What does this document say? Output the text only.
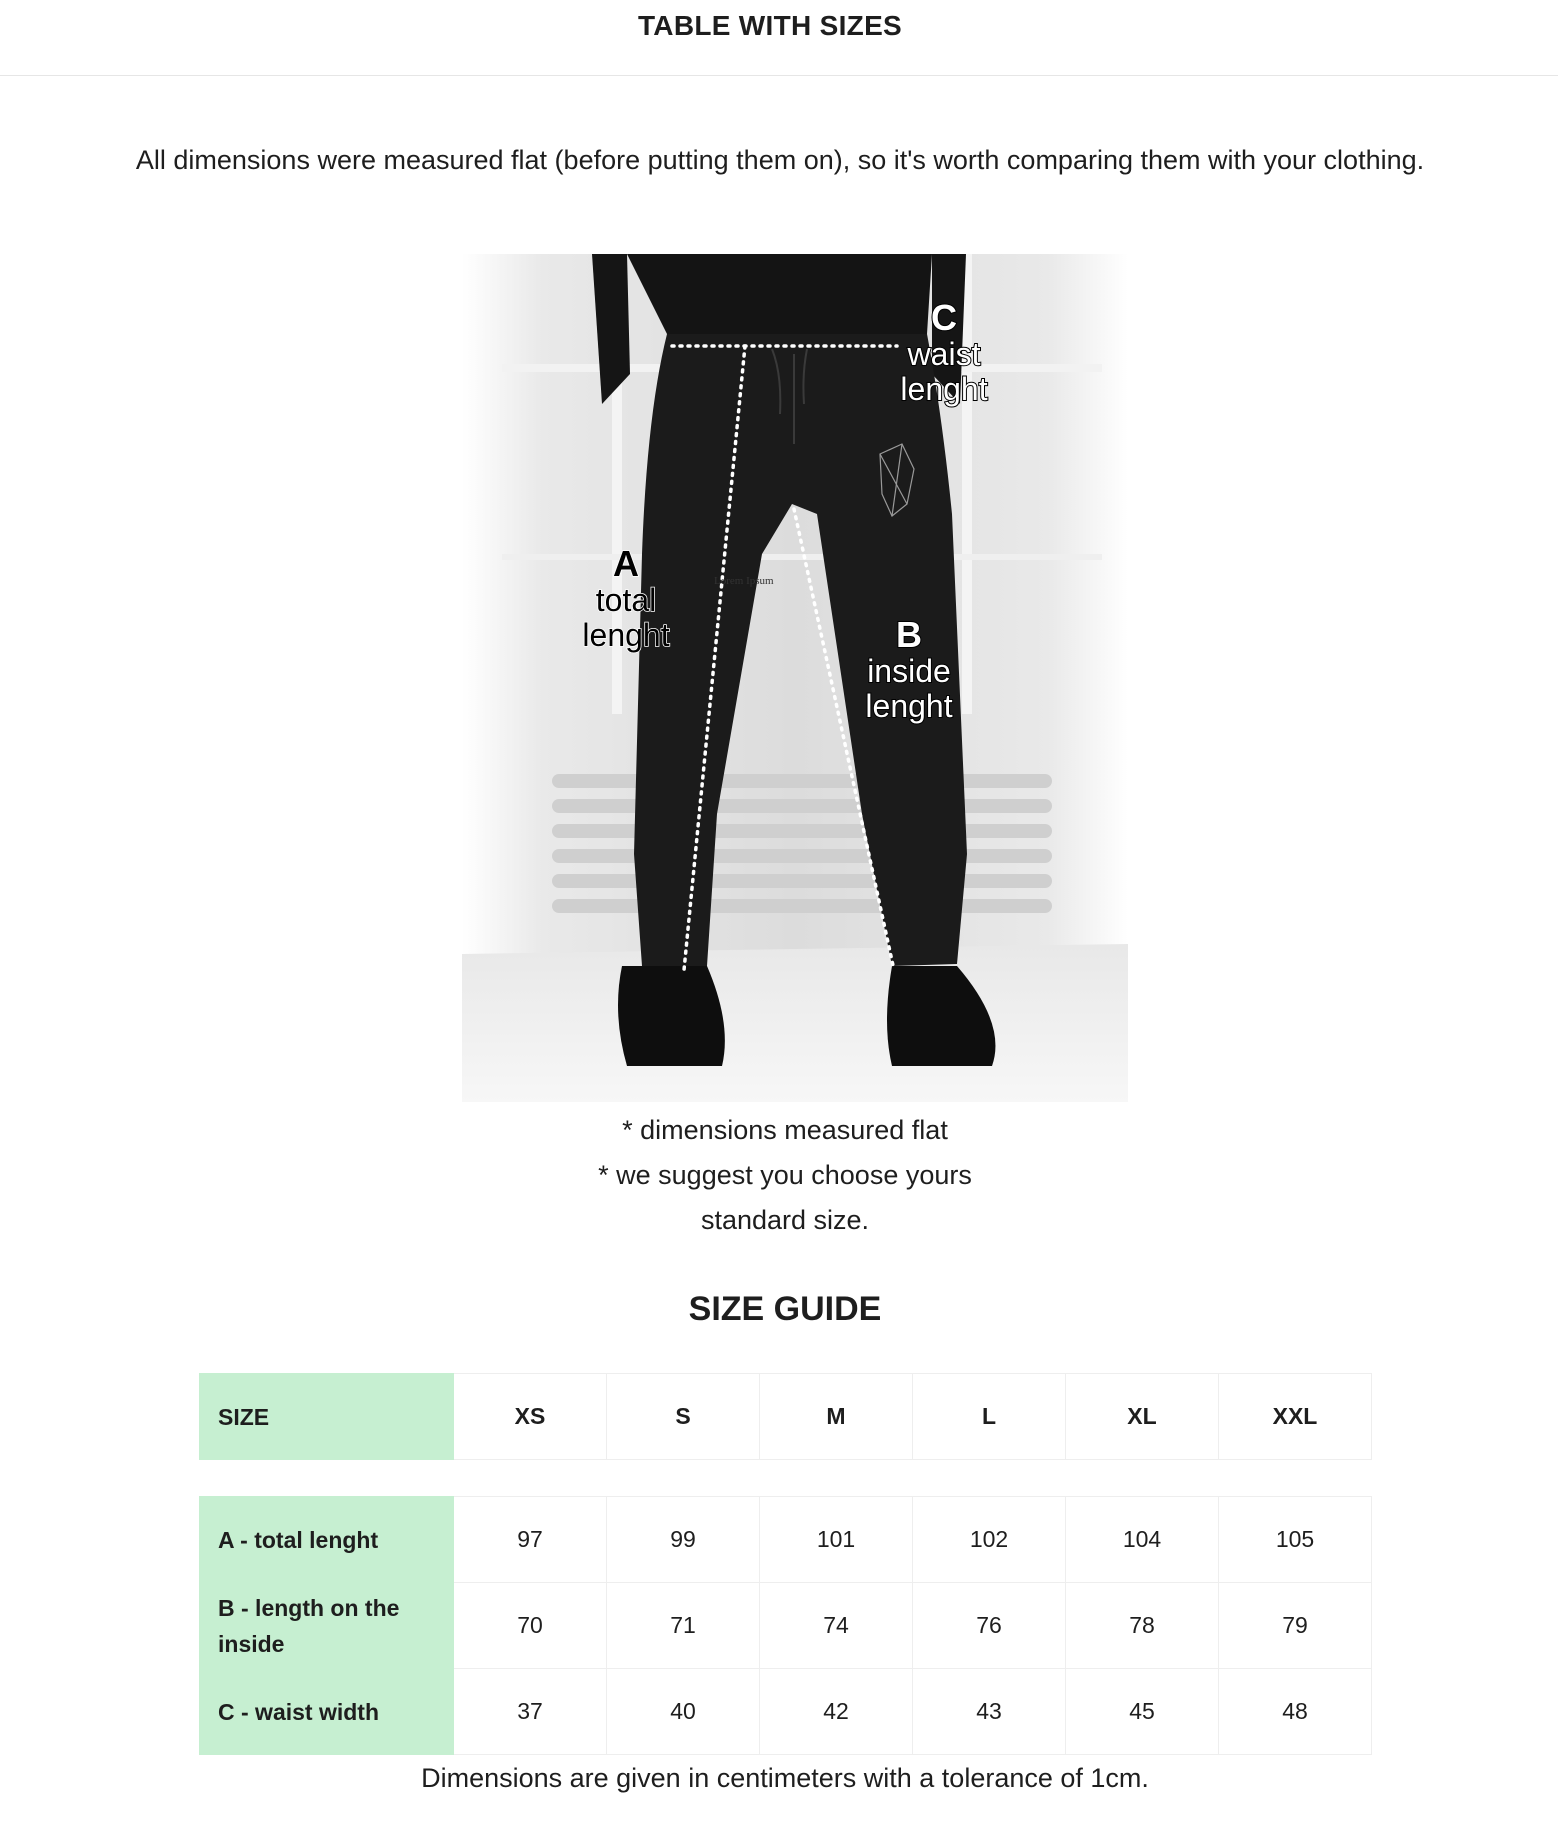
TABLE WITH SIZES
All dimensions were measured flat (before putting them on), so it's worth comparing them with your clothing.
A
total
lenght
Lorem Ipsum
B
inside
lenght
C
waist
lenght
* dimensions measured flat
* we suggest you choose yours
standard size.
SIZE GUIDE
SIZE	XS	S	M	L	XL	XXL
A - total lenght	97	99	101	102	104	105
B - length on the inside	70	71	74	76	78	79
C - waist width	37	40	42	43	45	48
Dimensions are given in centimeters with a tolerance of 1cm.
